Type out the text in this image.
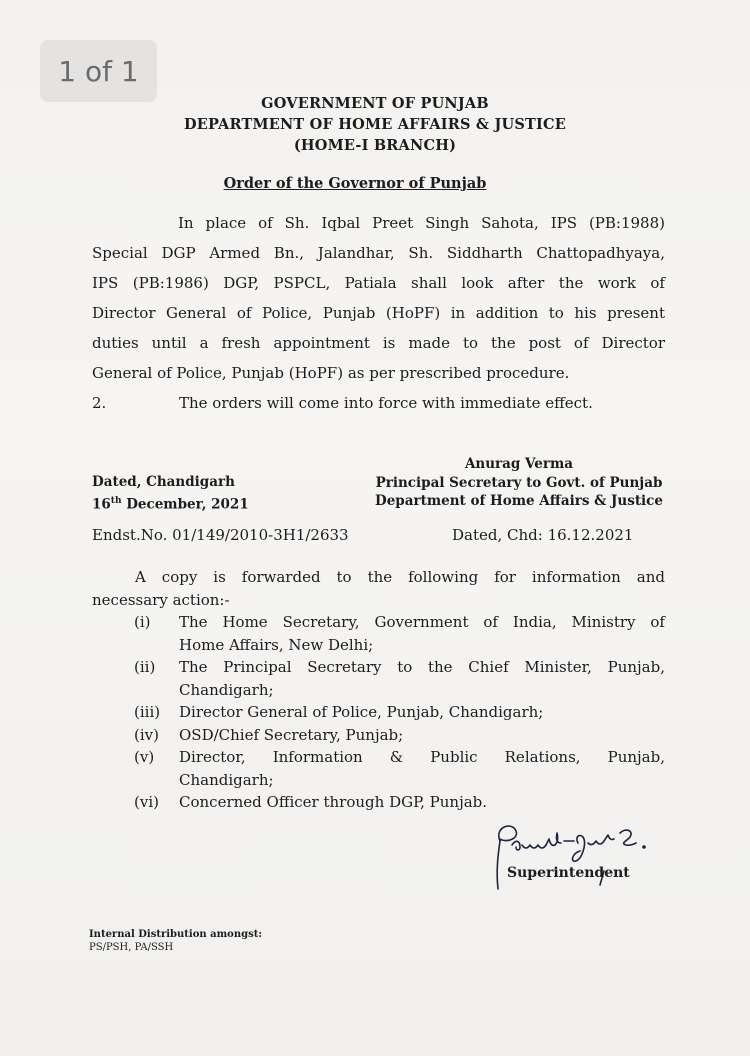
1 of 1
GOVERNMENT OF PUNJAB
DEPARTMENT OF HOME AFFAIRS & JUSTICE
(HOME-I BRANCH)
Order of the Governor of Punjab
In place of Sh. Iqbal Preet Singh Sahota, IPS (PB:1988)
Special DGP Armed Bn., Jalandhar, Sh. Siddharth Chattopadhyaya,
IPS (PB:1986) DGP, PSPCL, Patiala shall look after the work of
Director General of Police, Punjab (HoPF) in addition to his present
duties until a fresh appointment is made to the post of Director
General of Police, Punjab (HoPF) as per prescribed procedure.
2.	The orders will come into force with immediate effect.
Anurag Verma
Principal Secretary to Govt. of Punjab
Department of Home Affairs & Justice
Dated, Chandigarh
16th December, 2021
Endst.No. 01/149/2010-3H1/2633	Dated, Chd: 16.12.2021
A copy is forwarded to the following for information and
necessary action:-
(i)	The Home Secretary, Government of India, Ministry of
Home Affairs, New Delhi;
(ii)	The Principal Secretary to the Chief Minister, Punjab,
Chandigarh;
(iii)	Director General of Police, Punjab, Chandigarh;
(iv)	OSD/Chief Secretary, Punjab;
(v)	Director, Information & Public Relations, Punjab,
Chandigarh;
(vi)	Concerned Officer through DGP, Punjab.
Superintendent
Internal Distribution amongst:
PS/PSH, PA/SSH
